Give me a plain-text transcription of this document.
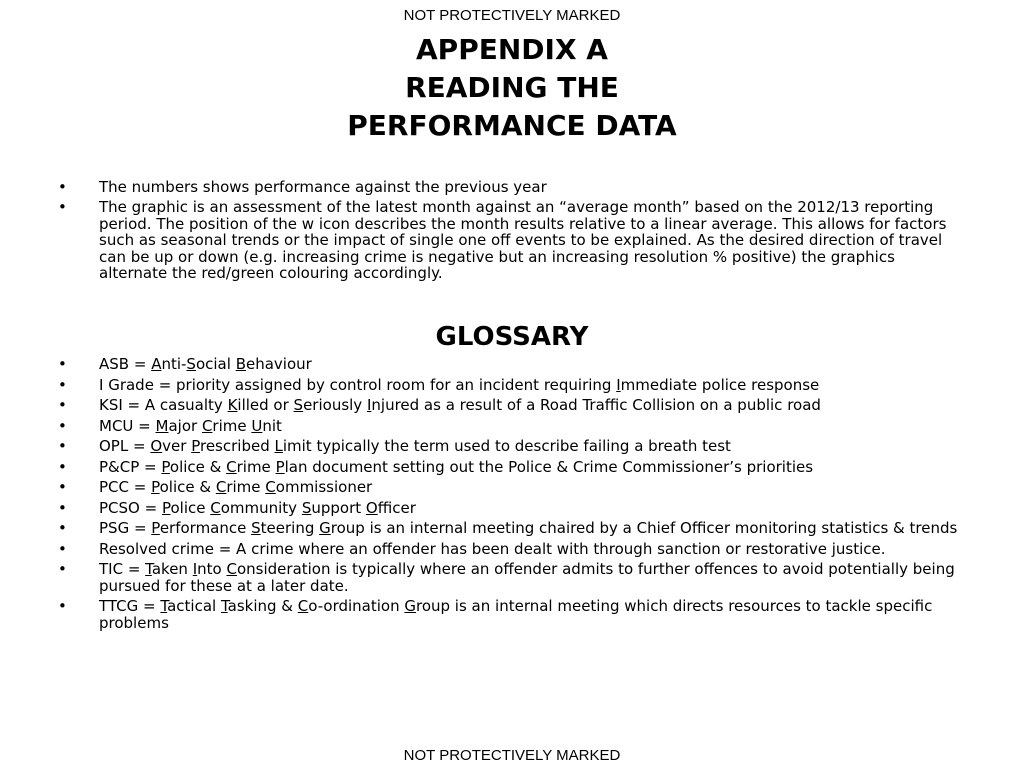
NOT PROTECTIVELY MARKED
APPENDIX A
READING THE
PERFORMANCE DATA
• The numbers shows performance against the previous year
• The graphic is an assessment of the latest month against an “average month” based on the 2012/13 reporting period. The position of the w icon describes the month results relative to a linear average. This allows for factors such as seasonal trends or the impact of single one off events to be explained. As the desired direction of travel can be up or down (e.g. increasing crime is negative but an increasing resolution % positive) the graphics alternate the red/green colouring accordingly.
GLOSSARY
• ASB = Anti-Social Behaviour
• I Grade = priority assigned by control room for an incident requiring Immediate police response
• KSI = A casualty Killed or Seriously Injured as a result of a Road Traffic Collision on a public road
• MCU = Major Crime Unit
• OPL = Over Prescribed Limit typically the term used to describe failing a breath test
• P&CP = Police & Crime Plan document setting out the Police & Crime Commissioner’s priorities
• PCC = Police & Crime Commissioner
• PCSO = Police Community Support Officer
• PSG = Performance Steering Group is an internal meeting chaired by a Chief Officer monitoring statistics & trends
• Resolved crime = A crime where an offender has been dealt with through sanction or restorative justice.
• TIC = Taken Into Consideration is typically where an offender admits to further offences to avoid potentially being pursued for these at a later date.
• TTCG = Tactical Tasking & Co-ordination Group is an internal meeting which directs resources to tackle specific problems
NOT PROTECTIVELY MARKED
